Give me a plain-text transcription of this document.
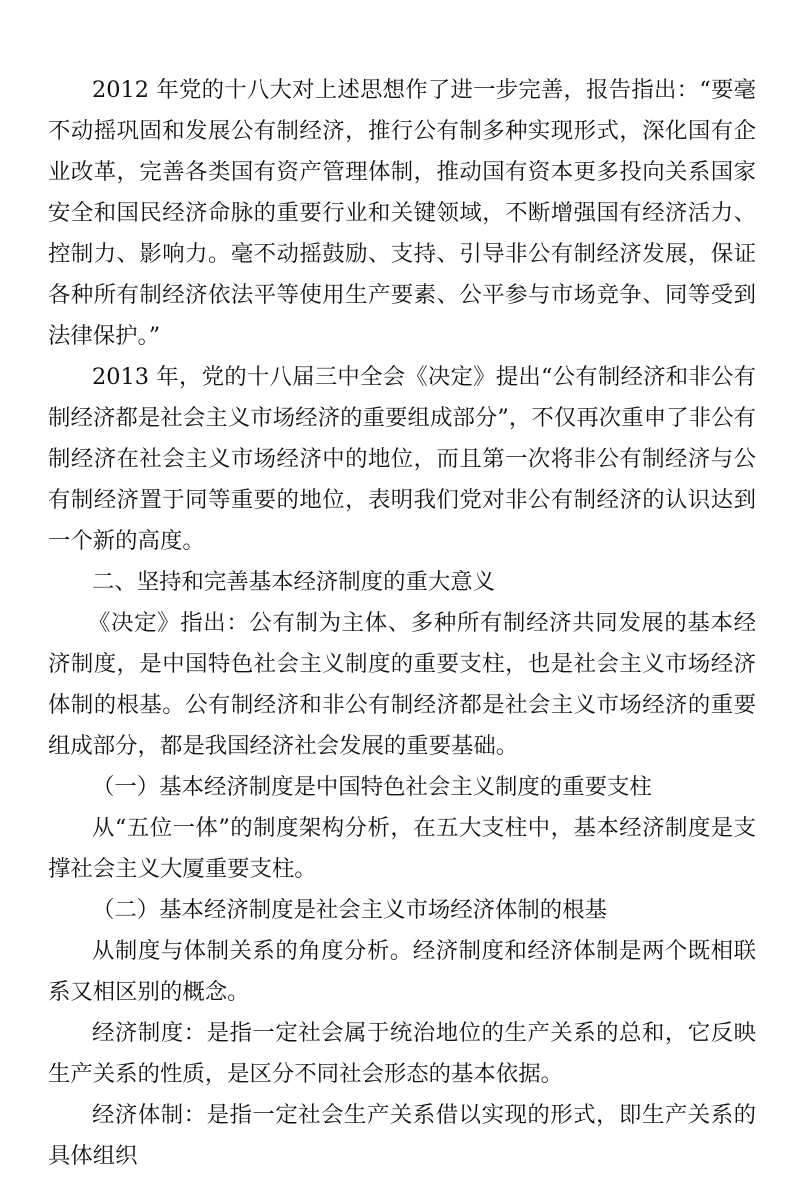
2012 年党的十八大对上述思想作了进一步完善，报告指出：“要毫不动摇巩固和发展公有制经济，推行公有制多种实现形式，深化国有企业改革，完善各类国有资产管理体制，推动国有资本更多投向关系国家安全和国民经济命脉的重要行业和关键领域，不断增强国有经济活力、控制力、影响力。毫不动摇鼓励、支持、引导非公有制经济发展，保证各种所有制经济依法平等使用生产要素、公平参与市场竞争、同等受到法律保护。”

2013 年，党的十八届三中全会《决定》提出“公有制经济和非公有制经济都是社会主义市场经济的重要组成部分”，不仅再次重申了非公有制经济在社会主义市场经济中的地位，而且第一次将非公有制经济与公有制经济置于同等重要的地位，表明我们党对非公有制经济的认识达到一个新的高度。

二、坚持和完善基本经济制度的重大意义

《决定》指出：公有制为主体、多种所有制经济共同发展的基本经济制度，是中国特色社会主义制度的重要支柱，也是社会主义市场经济体制的根基。公有制经济和非公有制经济都是社会主义市场经济的重要组成部分，都是我国经济社会发展的重要基础。

（一）基本经济制度是中国特色社会主义制度的重要支柱

从“五位一体”的制度架构分析，在五大支柱中，基本经济制度是支撑社会主义大厦重要支柱。

（二）基本经济制度是社会主义市场经济体制的根基

从制度与体制关系的角度分析。经济制度和经济体制是两个既相联系又相区别的概念。

经济制度：是指一定社会属于统治地位的生产关系的总和，它反映生产关系的性质，是区分不同社会形态的基本依据。

经济体制：是指一定社会生产关系借以实现的形式，即生产关系的具体组织
